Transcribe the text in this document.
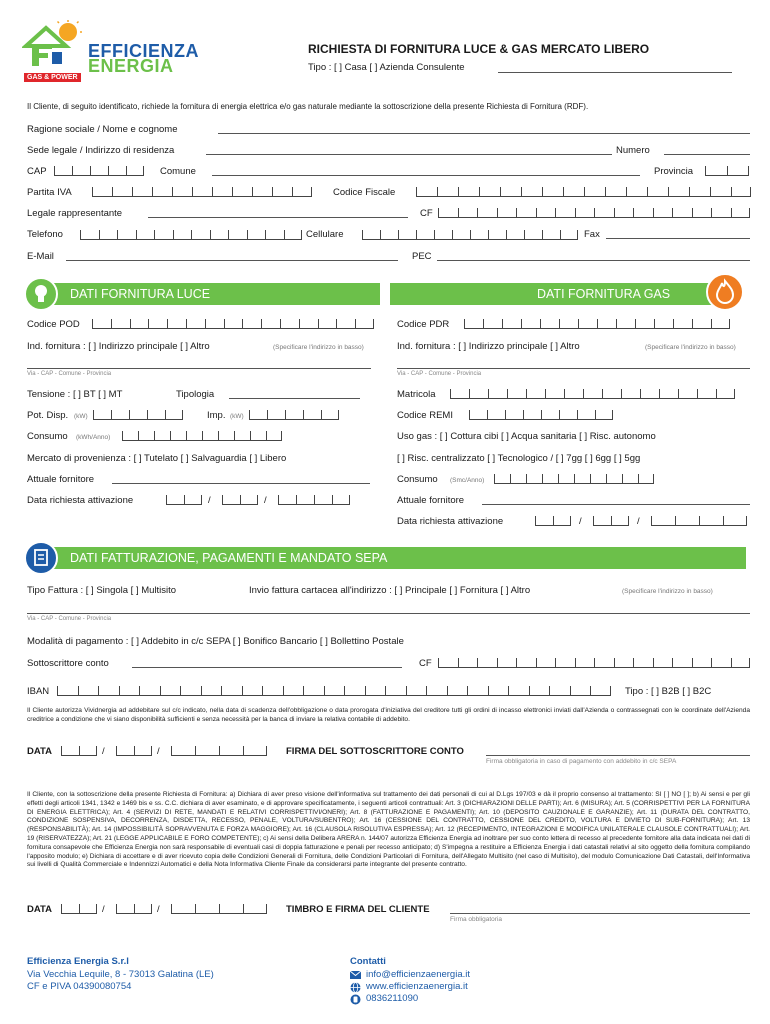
EFFICIENZA
ENERGIA
GAS & POWER
RICHIESTA DI FORNITURA LUCE & GAS MERCATO LIBERO
Tipo : [ ] Casa [ ] Azienda Consulente
Il Cliente, di seguito identificato, richiede la fornitura di energia elettrica e/o gas naturale mediante la sottoscrizione della presente Richiesta di Fornitura (RDF).
Ragione sociale / Nome e cognome
Sede legale / Indirizzo di residenza	Numero
CAP	Comune	Provincia
Partita IVA	Codice Fiscale
Legale rappresentante	CF
Telefono	Cellulare	Fax
E-Mail	PEC
DATI FORNITURA LUCE	DATI FORNITURA GAS
Codice POD
Ind. fornitura : [ ] Indirizzo principale [ ] Altro	(Specificare l'indirizzo in basso)
Via - CAP - Comune - Provincia
Tensione : [ ] BT [ ] MT	Tipologia
Pot. Disp. (kW)	Imp. (kW)
Consumo (kWh/Anno)
Mercato di provenienza : [ ] Tutelato [ ] Salvaguardia [ ] Libero
Attuale fornitore
Data richiesta attivazione	/	/
Codice PDR
Ind. fornitura : [ ] Indirizzo principale [ ] Altro	(Specificare l'indirizzo in basso)
Via - CAP - Comune - Provincia
Matricola
Codice REMI
Uso gas : [ ] Cottura cibi [ ] Acqua sanitaria [ ] Risc. autonomo
[ ] Risc. centralizzato [ ] Tecnologico / [ ] 7gg [ ] 6gg [ ] 5gg
Consumo (Smc/Anno)
Attuale fornitore
Data richiesta attivazione	/	/
DATI FATTURAZIONE, PAGAMENTI E MANDATO SEPA
Tipo Fattura : [ ] Singola [ ] Multisito	Invio fattura cartacea all'indirizzo : [ ] Principale [ ] Fornitura [ ] Altro	(Specificare l'indirizzo in basso)
Via - CAP - Comune - Provincia
Modalità di pagamento : [ ] Addebito in c/c SEPA [ ] Bonifico Bancario [ ] Bollettino Postale
Sottoscrittore conto	CF
IBAN	Tipo : [ ] B2B [ ] B2C
Il Cliente autorizza Vividnergia ad addebitare sul c/c indicato, nella data di scadenza dell'obbligazione o data prorogata d'iniziativa del creditore tutti gli ordini di incasso elettronici inviati dall'Azienda o contrassegnati con le coordinate dell'Azienda creditrice a condizione che vi siano disponibilità sufficienti e senza necessità per la banca di inviare la relativa contabile di addebito.
DATA	/	/	FIRMA DEL SOTTOSCRITTORE CONTO
Firma obbligatoria in caso di pagamento con addebito in c/c SEPA
Il Cliente, con la sottoscrizione della presente Richiesta di Fornitura: a) Dichiara di aver preso visione dell'informativa sul trattamento dei dati personali di cui al D.Lgs 197/03 e dà il proprio consenso al trattamento: SI [ ] NO [ ]; b) Ai sensi e per gli effetti degli articoli 1341, 1342 e 1469 bis e ss. C.C. dichiara di aver esaminato, e di approvare specificatamente, i seguenti articoli contrattuali: Art. 3 (DICHIARAZIONI DELLE PARTI); Art. 6 (MISURA); Art. 5 (CORRISPETTIVI PER LA FORNITURA DI ENERGIA ELETTRICA); Art. 4 (SERVIZI DI RETE, MANDATI E RELATIVI CORRISPETTIVI/ONERI); Art. 8 (FATTURAZIONE E PAGAMENTI); Art. 10 (DEPOSITO CAUZIONALE E GARANZIE); Art. 11 (DURATA DEL CONTRATTO, CONDIZIONE SOSPENSIVA, DECORRENZA, DISDETTA, RECESSO, PENALE, VOLTURA/SUBENTRO); Art. 16 (CESSIONE DEL CONTRATTO, CESSIONE DEL CREDITO, VOLTURA E DIVIETO DI SUB-FORNITURA); Art. 13 (RESPONSABILITÀ); Art. 14 (IMPOSSIBILITÀ SOPRAVVENUTA E FORZA MAGGIORE); Art. 16 (CLAUSOLA RISOLUTIVA ESPRESSA); Art. 12 (RECEPIMENTO, INTEGRAZIONI E MODIFICA UNILATERALE CLAUSOLE CONTRATTUALI); Art. 19 (RISERVATEZZA); Art. 21 (LEGGE APPLICABILE E FORO COMPETENTE); c) Ai sensi della Delibera ARERA n. 144/07 autorizza Efficienza Energia ad inoltrare per suo conto lettera di recesso al precedente fornitore alla data indicata nei dati di fornitura consapevole che Efficienza Energia non sarà responsabile di eventuali casi di doppia fatturazione e penali per recesso anticipato; d) S'impegna a restituire a Efficienza Energia i dati catastali relativi al sito oggetto della fornitura compilando l'apposito modulo; e) Dichiara di accettare e di aver ricevuto copia delle Condizioni Generali di Fornitura, delle Condizioni Particolari di Fornitura, dell'Allegato Multisito (nel caso di Multisito), del modulo Comunicazione Dati Catastali, dell'Informativa sui livelli di Qualità Commerciale e Indennizzi Automatici e della Nota Informativa Cliente Finale da considerarsi parte integrante del presente contratto.
DATA	/	/	TIMBRO E FIRMA DEL CLIENTE
Firma obbligatoria
Efficienza Energia S.r.l
Via Vecchia Lequile, 8 - 73013 Galatina (LE)
CF e PIVA 04390080754
Contatti
info@efficienzaenergia.it
www.efficienzaenergia.it
0836211090
